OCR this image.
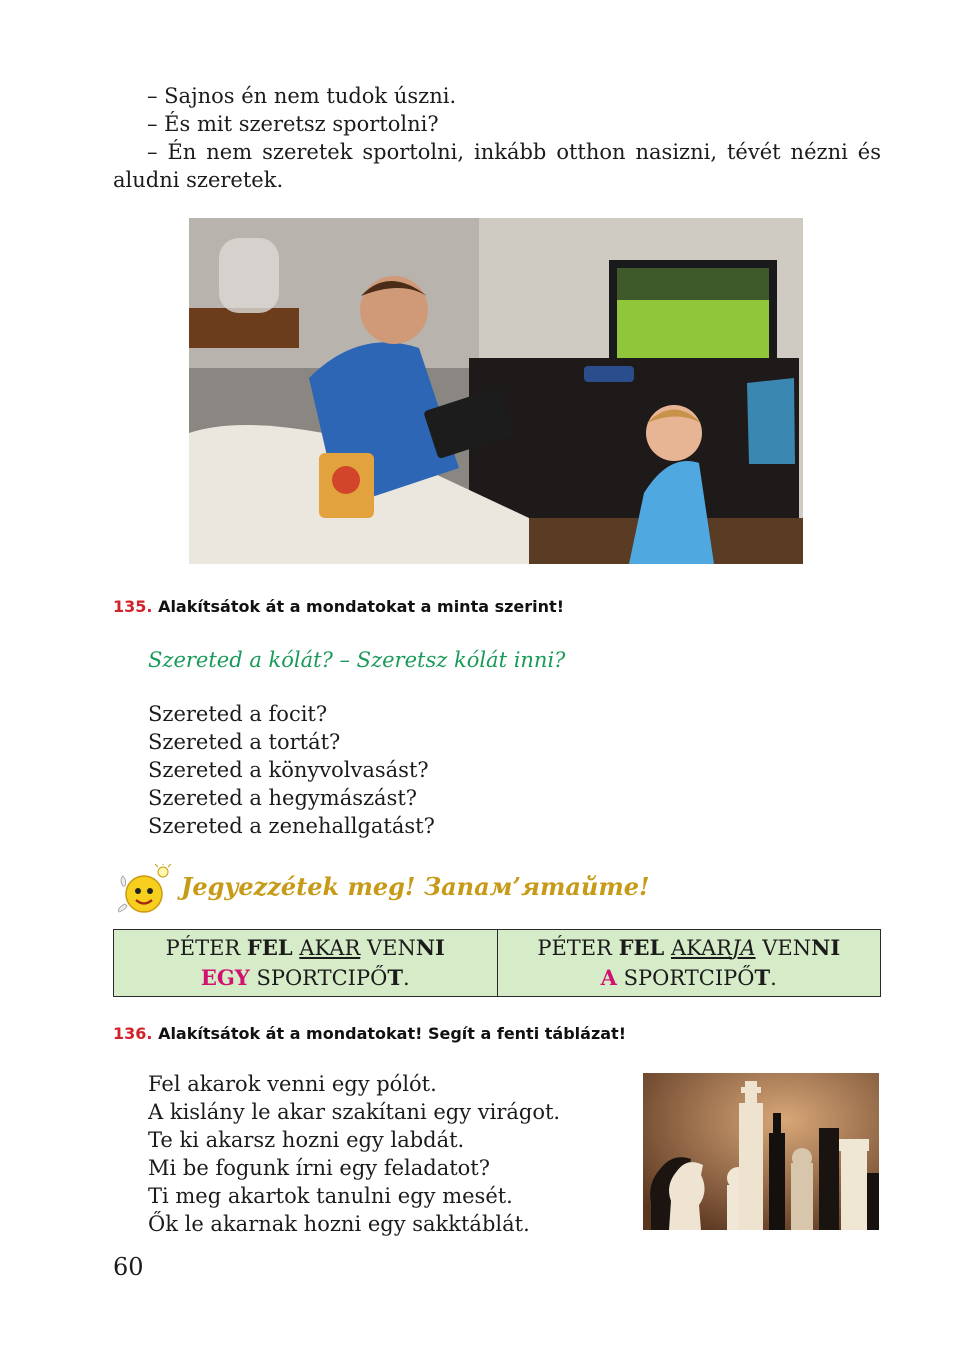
– Sajnos én nem tudok úszni.

– És mit szeretsz sportolni?

– Én nem szeretek sportolni, inkább otthon nasizni, tévét nézni és aludni szeretek.

135. Alakítsátok át a mondatokat a minta szerint!
Szereted a kólát? – Szeretsz kólát inni?
Szereted a focit?
Szereted a tortát?
Szereted a könyvolvasást?
Szereted a hegymászást?
Szereted a zenehallgatást?
Jegyezzétek meg! Запам’ятайте!
PÉTER FEL AKAR VENNI
EGY SPORTCIPŐT.
PÉTER FEL AKARJA VENNI
A SPORTCIPŐT.
136. Alakítsátok át a mondatokat! Segít a fenti táblázat!
Fel akarok venni egy pólót.
A kislány le akar szakítani egy virágot.
Te ki akarsz hozni egy labdát.
Mi be fogunk írni egy feladatot?
Ti meg akartok tanulni egy mesét.
Ők le akarnak hozni egy sakktáblát.
60
